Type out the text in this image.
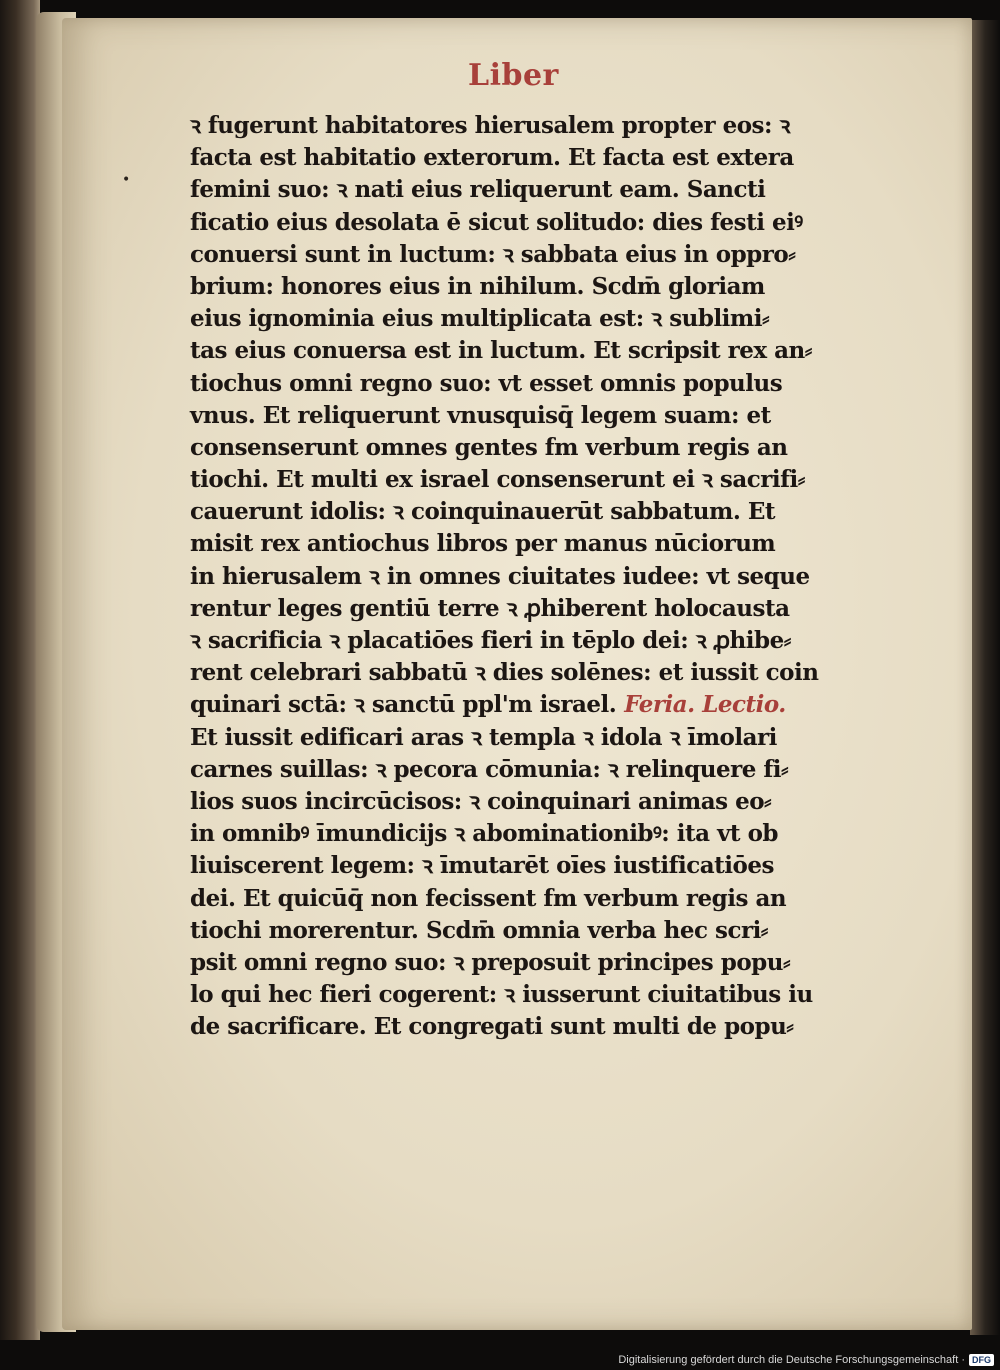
•
Liber
ꝛ fugerunt habitatores hierusalem propter eos: ꝛ
facta est habitatio exterorum. Et facta est extera
femini suo: ꝛ nati eius reliquerunt eam. Sancti
ficatio eius desolata ē sicut solitudo: dies festi eiꝰ
conuersi sunt in luctum: ꝛ sabbata eius in oppro⸗
brium: honores eius in nihilum. Scdm̄ gloriam
eius ignominia eius multiplicata est: ꝛ sublimi⸗
tas eius conuersa est in luctum. Et scripsit rex an⸗
tiochus omni regno suo: vt esset omnis populus
vnus. Et reliquerunt vnusquisq̄ legem suam: et
consenserunt omnes gentes fm verbum regis an
tiochi. Et multi ex israel consenserunt ei ꝛ sacrifi⸗
cauerunt idolis: ꝛ coinquinauerūt sabbatum. Et
misit rex antiochus libros per manus nūciorum
in hierusalem ꝛ in omnes ciuitates iudee: vt seque
rentur leges gentiū terre ꝛ ꝓhiberent holocausta
ꝛ sacrificia ꝛ placatiōes fieri in tēplo dei: ꝛ ꝓhibe⸗
rent celebrari sabbatū ꝛ dies solēnes: et iussit coin
quinari sctā: ꝛ sanctū ppl'm israel. Feria. Lectio.
Et iussit edificari aras ꝛ templa ꝛ idola ꝛ īmolari
carnes suillas: ꝛ pecora cōmunia: ꝛ relinquere fi⸗
lios suos incircūcisos: ꝛ coinquinari animas eo⸗
in omnibꝰ īmundicijs ꝛ abominationibꝰ: ita vt ob
liuiscerent legem: ꝛ īmutarēt oīes iustificatiōes
dei. Et quicūq̄ non fecissent fm verbum regis an
tiochi morerentur. Scdm̄ omnia verba hec scri⸗
psit omni regno suo: ꝛ preposuit principes popu⸗
lo qui hec fieri cogerent: ꝛ iusserunt ciuitatibus iu
de sacrificare. Et congregati sunt multi de popu⸗
Digitalisierung gefördert durch die Deutsche Forschungsgemeinschaft · DFG
